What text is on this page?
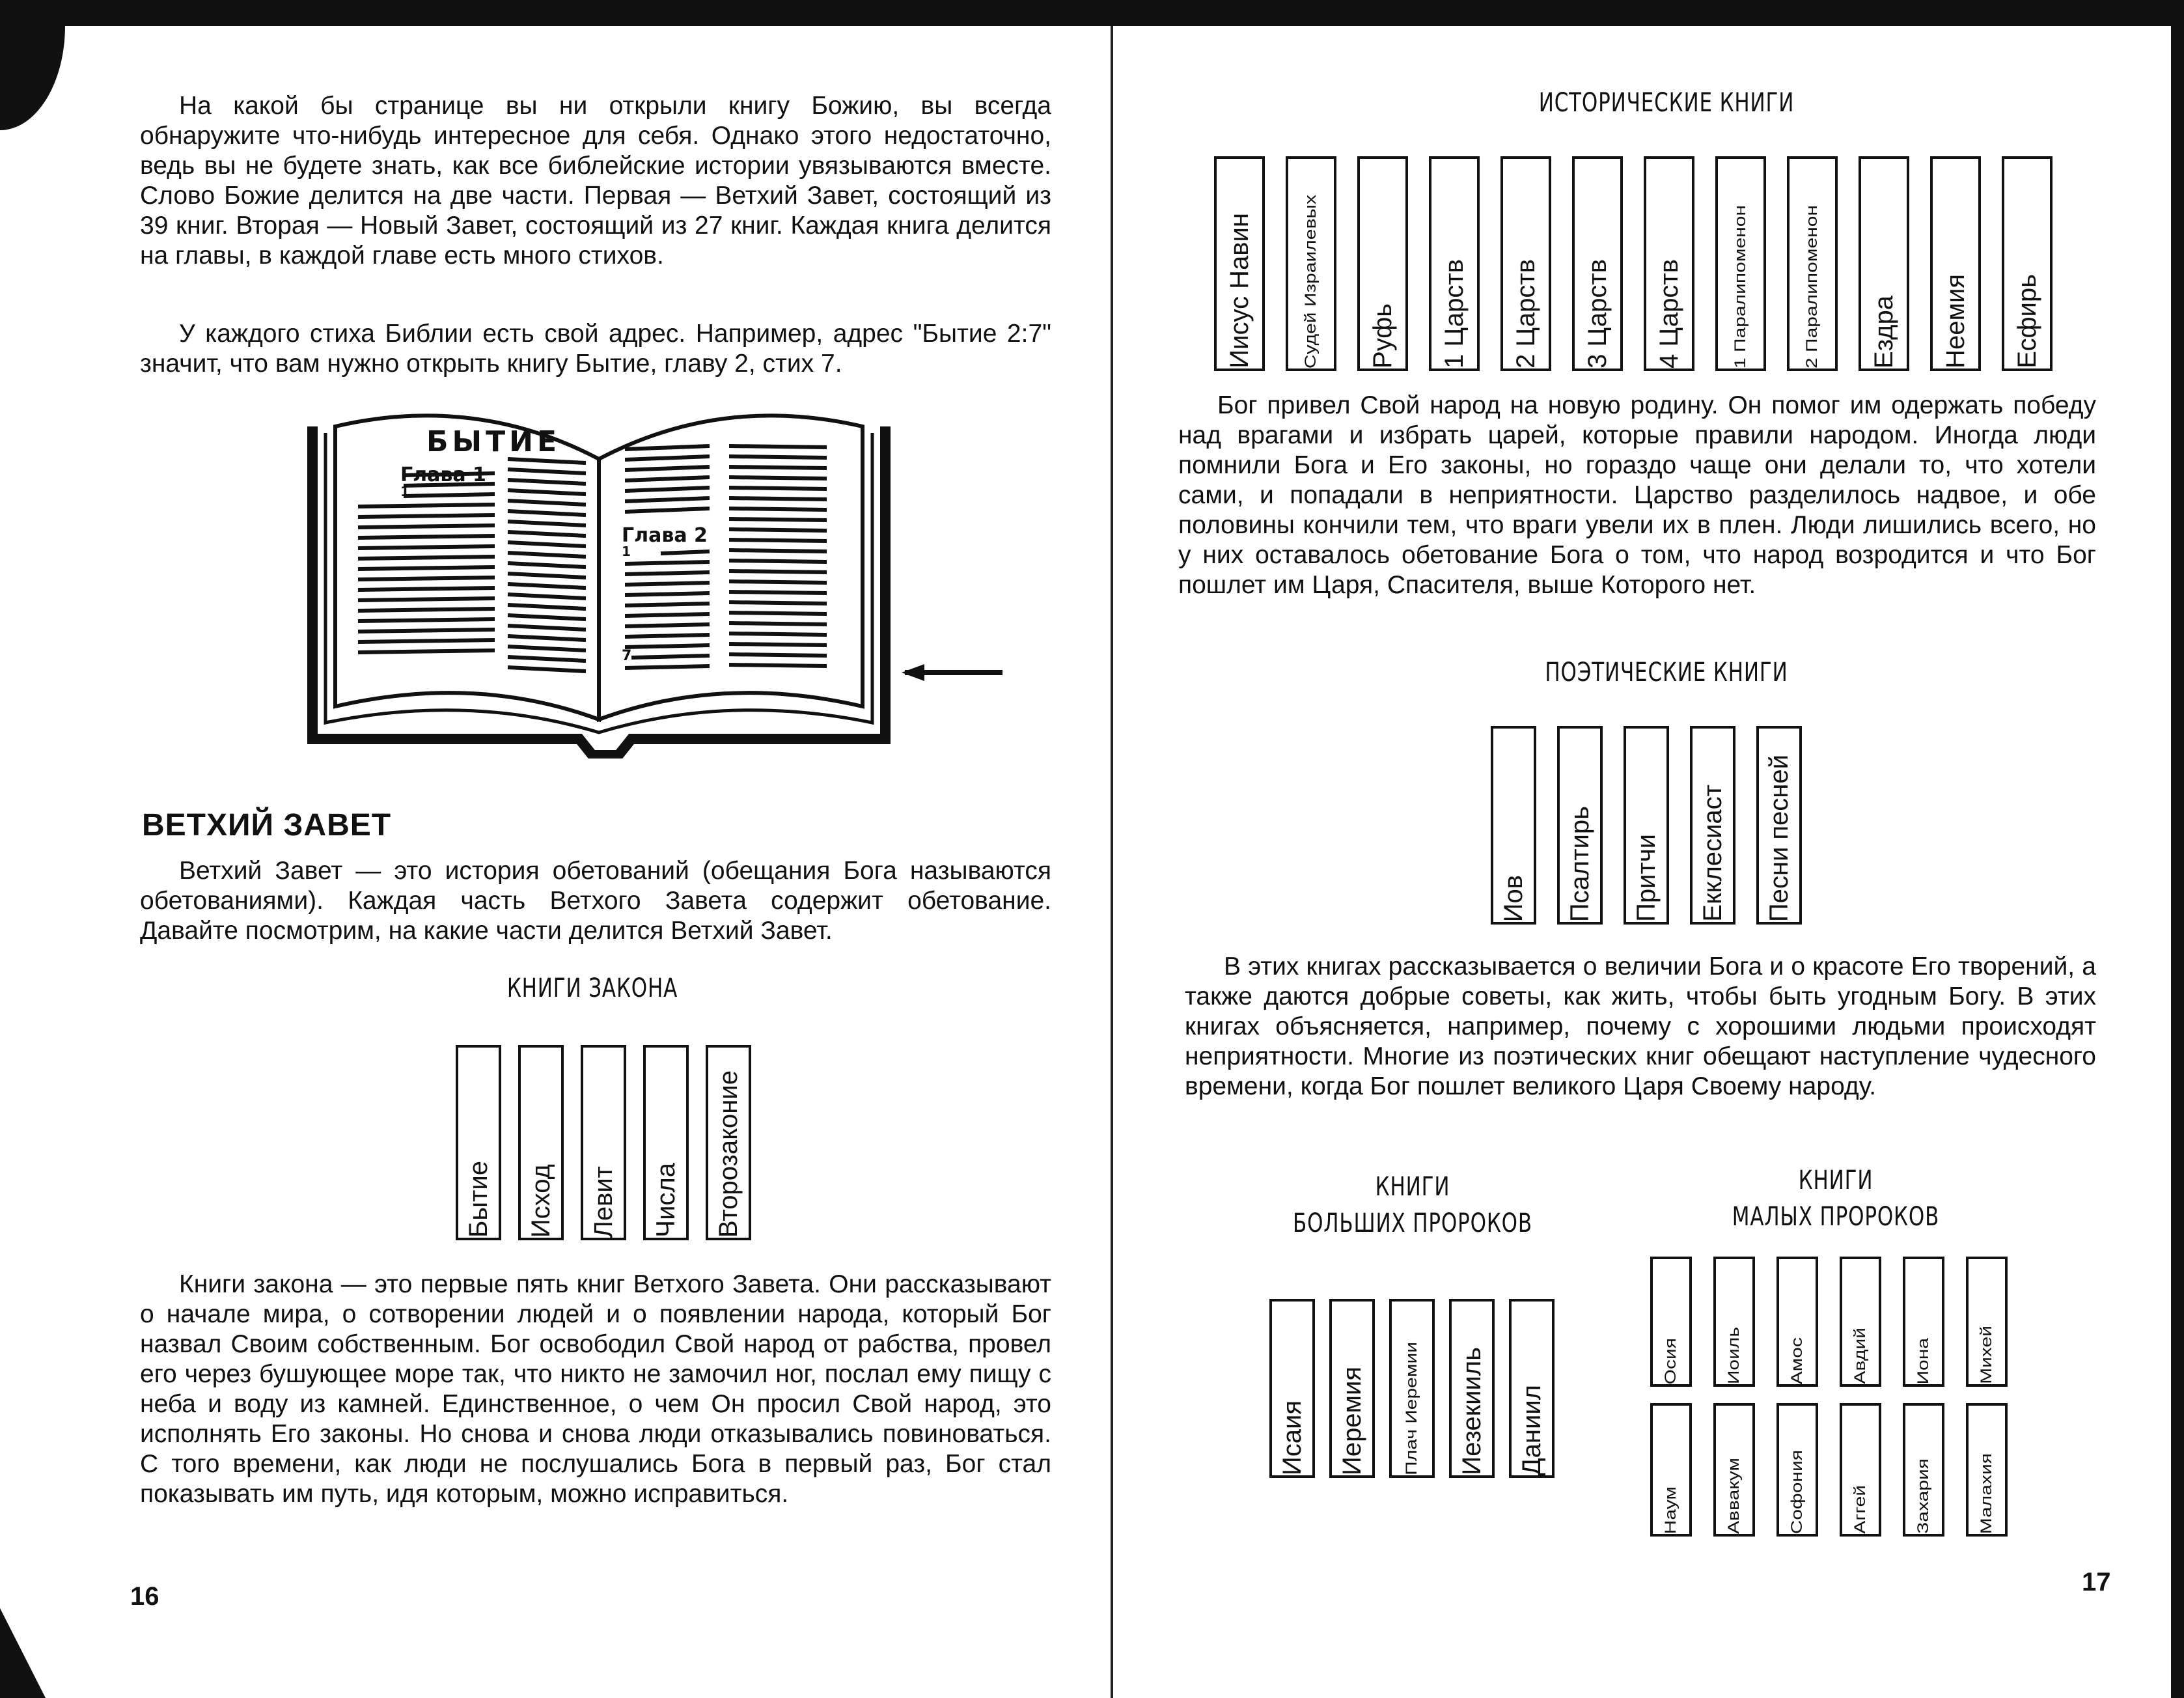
На какой бы странице вы ни открыли книгу Божию, вы всегда обнаружите что-нибудь интересное для себя. Однако этого недостаточно, ведь вы не будете знать, как все библейские истории увязываются вместе. Слово Божие делится на две части. Первая — Ветхий Завет, состоящий из 39 книг. Вторая — Новый Завет, состоящий из 27 книг. Каждая книга делится на главы, в каждой главе есть много стихов.

У каждого стиха Библии есть свой адрес. Например, адрес "Бытие 2:7" значит, что вам нужно открыть книгу Бытие, главу 2, стих 7.

БЫТИЕ
Глава 1
1
Глава 2
1
7
ВЕТХИЙ ЗАВЕТ

Ветхий Завет — это история обетований (обещания Бога называются обетованиями). Каждая часть Ветхого Завета содержит обетование. Давайте посмотрим, на какие части делится Ветхий Завет.

КНИГИ ЗАКОНА
Бытие Исход Левит Числа Второзаконие

Книги закона — это первые пять книг Ветхого Завета. Они рассказывают о начале мира, о сотворении людей и о появлении народа, который Бог назвал Своим собственным. Бог освободил Свой народ от рабства, провел его через бушующее море так, что никто не замочил ног, послал ему пищу с неба и воду из камней. Единственное, о чем Он просил Свой народ, это исполнять Его законы. Но снова и снова люди отказывались повиноваться. С того времени, как люди не послушались Бога в первый раз, Бог стал показывать им путь, идя которым, можно исправиться.

16
ИСТОРИЧЕСКИЕ КНИГИ
Иисус Навин Судей Израилевых Руфь 1 Царств 2 Царств 3 Царств 4 Царств 1 Паралипоменон	2 Паралипоменон Ездра Неемия Есфирь

Бог привел Свой народ на новую родину. Он помог им одержать победу над врагами и избрать царей, которые правили народом. Иногда люди помнили Бога и Его законы, но гораздо чаще они делали то, что хотели сами, и попадали в неприятности. Царство разделилось надвое, и обе половины кончили тем, что враги увели их в плен. Люди лишились всего, но у них оставалось обетование Бога о том, что народ возродится и что Бог пошлет им Царя, Спасителя, выше Которого нет.

ПОЭТИЧЕСКИЕ КНИГИ
Иов Псалтирь Притчи Екклесиаст Песни песней

В этих книгах рассказывается о величии Бога и о красоте Его творений, а также даются добрые советы, как жить, чтобы быть угодным Богу. В этих книгах объясняется, например, почему с хорошими людьми происходят неприятности. Многие из поэтических книг обещают наступление чудесного времени, когда Бог пошлет великого Царя Своему народу.

КНИГИ
БОЛЬШИХ ПРОРОКОВ
Исаия Иеремия Плач Иеремии Иезекииль Даниил
КНИГИ
МАЛЫХ ПРОРОКОВ
Осия Иоиль Амос Авдий Иона Михей
Наум Аввакум Софония Аггей Захария Малахия
17
